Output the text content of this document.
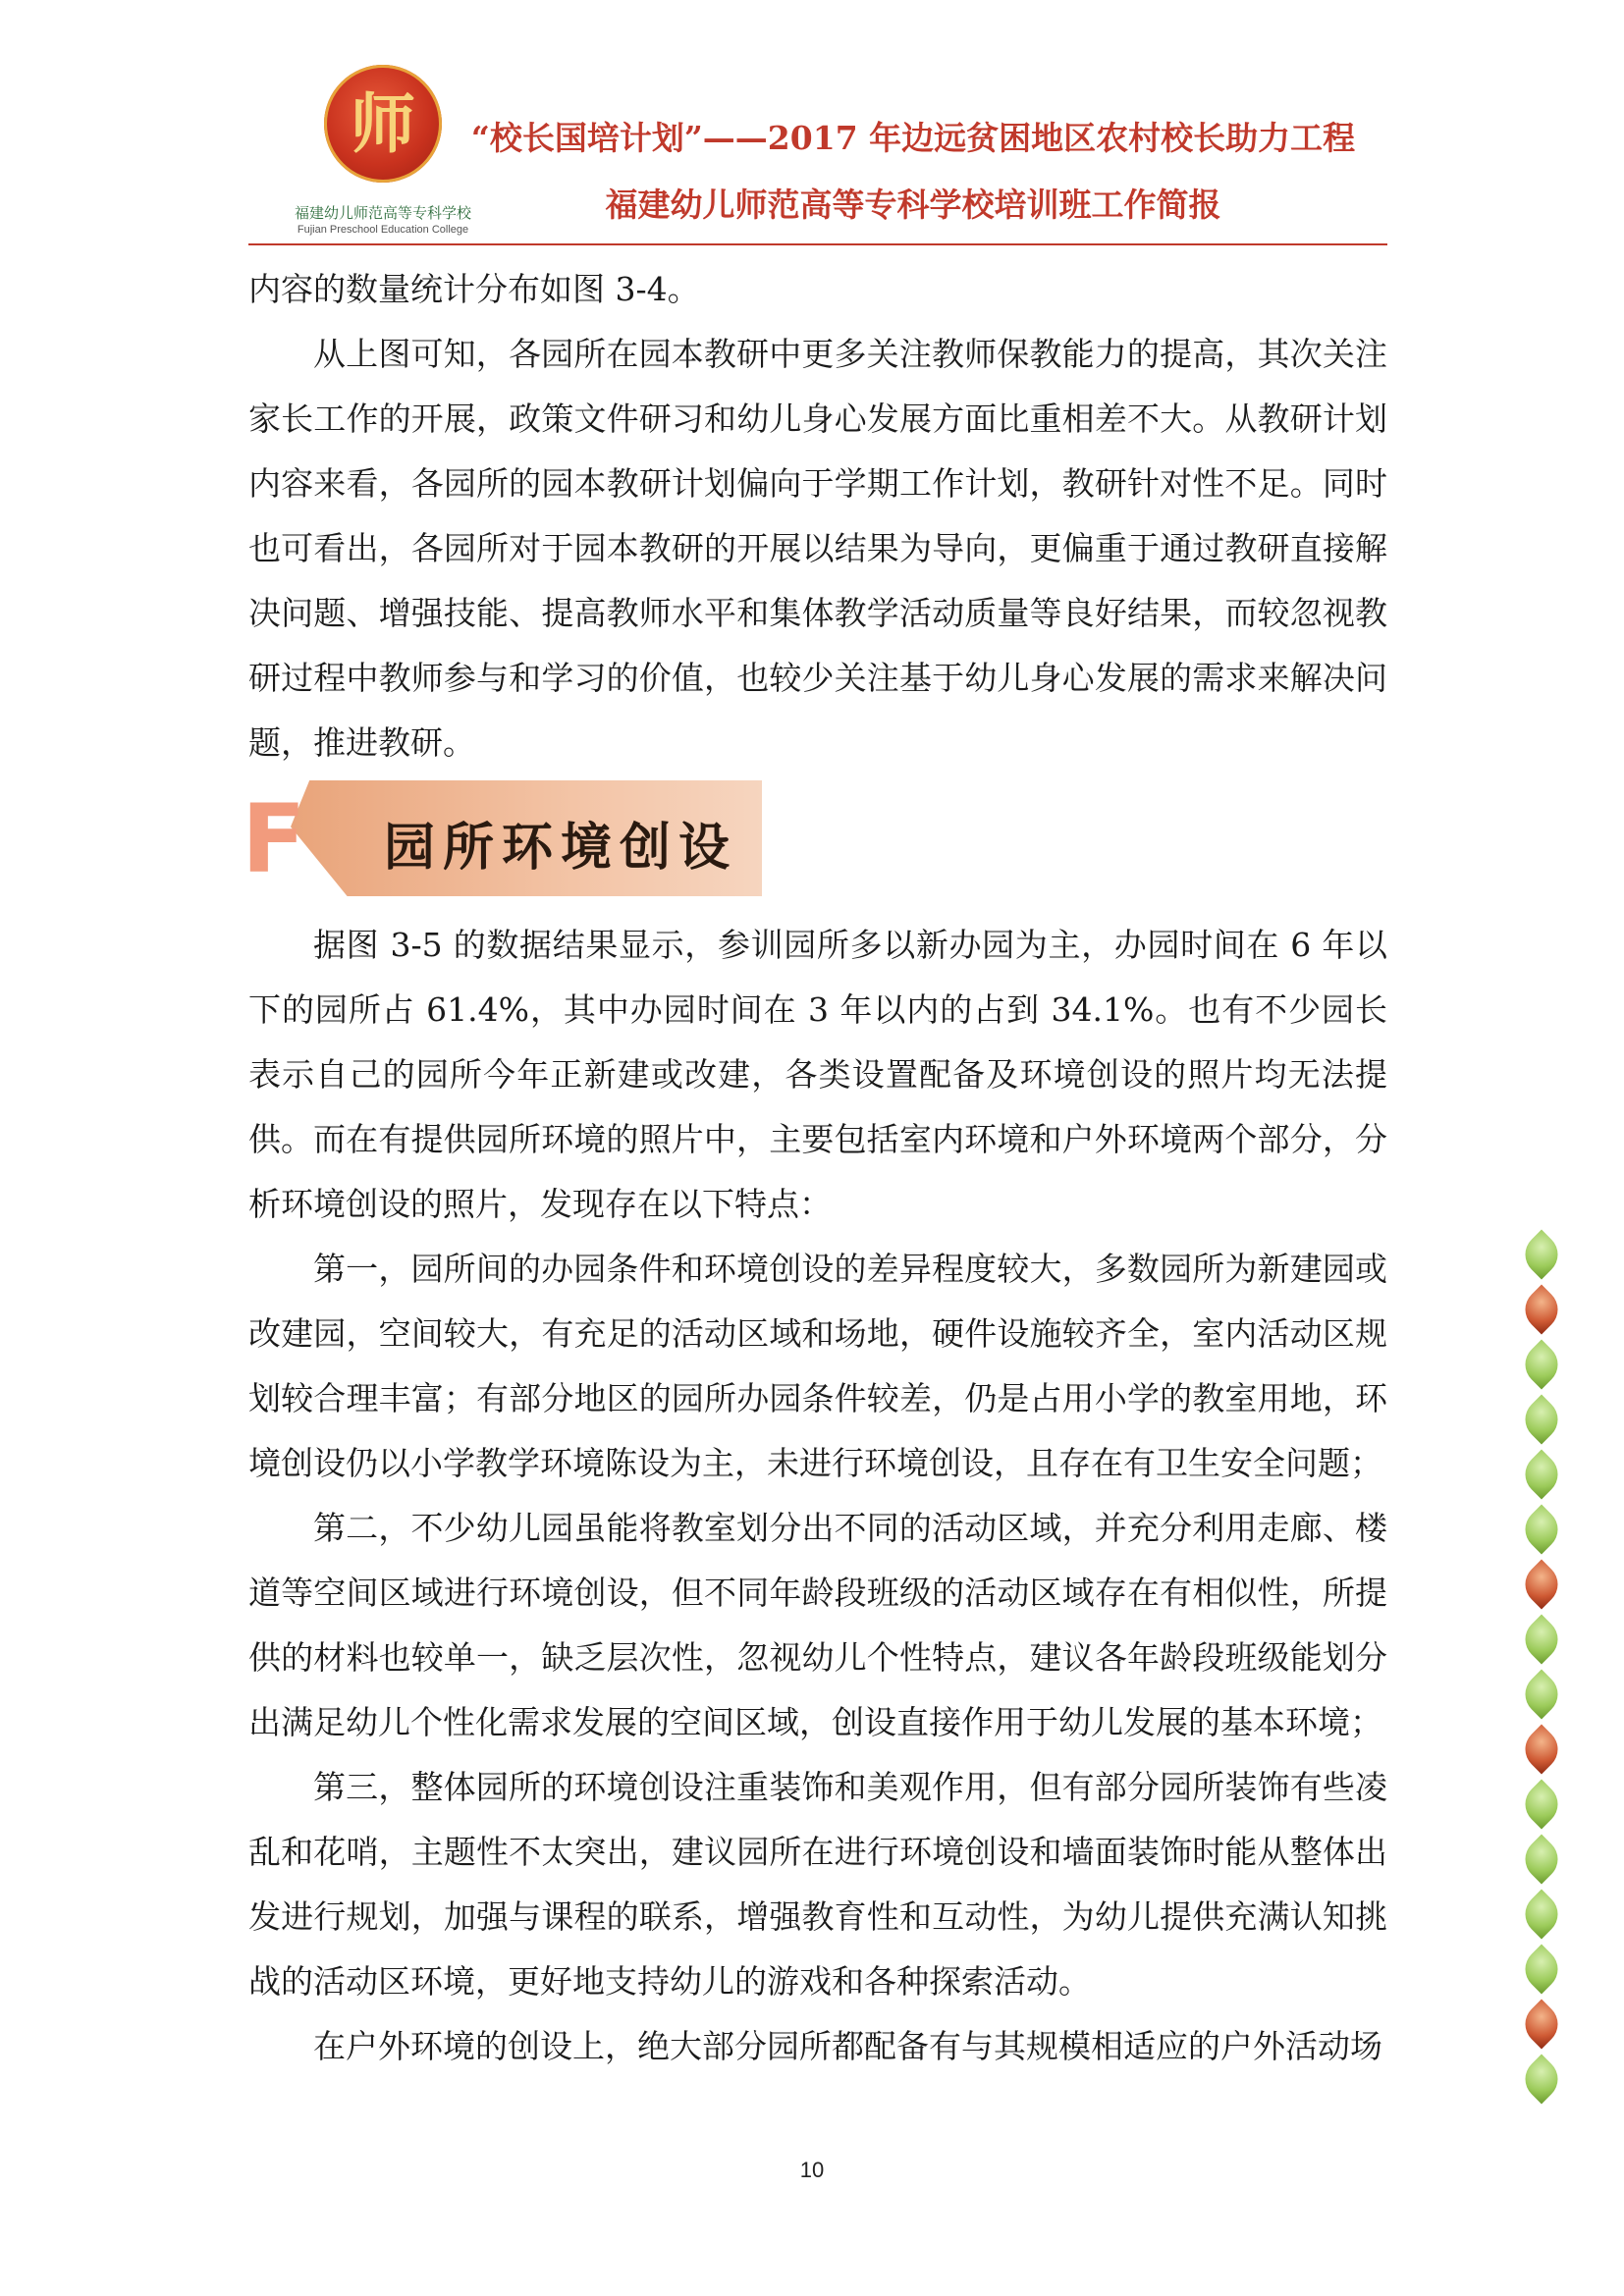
师
福建幼儿师范高等专科学校
Fujian Preschool Education College
“校长国培计划”——2017 年边远贫困地区农村校长助力工程
福建幼儿师范高等专科学校培训班工作简报

内容的数量统计分布如图 3-4。

从上图可知，各园所在园本教研中更多关注教师保教能力的提高，其次关注家长工作的开展，政策文件研习和幼儿身心发展方面比重相差不大。从教研计划内容来看，各园所的园本教研计划偏向于学期工作计划，教研针对性不足。同时也可看出，各园所对于园本教研的开展以结果为导向，更偏重于通过教研直接解决问题、增强技能、提高教师水平和集体教学活动质量等良好结果，而较忽视教研过程中教师参与和学习的价值，也较少关注基于幼儿身心发展的需求来解决问题，推进教研。

F 园所环境创设

据图 3-5 的数据结果显示，参训园所多以新办园为主，办园时间在 6 年以下的园所占 61.4%，其中办园时间在 3 年以内的占到 34.1%。也有不少园长表示自己的园所今年正新建或改建，各类设置配备及环境创设的照片均无法提供。 而在有提供园所环境的照片中，主要包括室内环境和户外环境两个部分，分析环境创设的照片，发现存在以下特点：

第一，园所间的办园条件和环境创设的差异程度较大，多数园所为新建园或改建园，空间较大，有充足的活动区域和场地，硬件设施较齐全，室内活动区规划较合理丰富；有部分地区的园所办园条件较差，仍是占用小学的教室用地，环境创设仍以小学教学环境陈设为主，未进行环境创设，且存在有卫生安全问题；

第二，不少幼儿园虽能将教室划分出不同的活动区域，并充分利用走廊、楼道等空间区域进行环境创设，但不同年龄段班级的活动区域存在有相似性，所提供的材料也较单一，缺乏层次性，忽视幼儿个性特点，建议各年龄段班级能划分出满足幼儿个性化需求发展的空间区域，创设直接作用于幼儿发展的基本环境；

第三，整体园所的环境创设注重装饰和美观作用，但有部分园所装饰有些凌乱和花哨，主题性不太突出，建议园所在进行环境创设和墙面装饰时能从整体出发进行规划，加强与课程的联系，增强教育性和互动性，为幼儿提供充满认知挑战的活动区环境，更好地支持幼儿的游戏和各种探索活动。

在户外环境的创设上，绝大部分园所都配备有与其规模相适应的户外活动场

10
